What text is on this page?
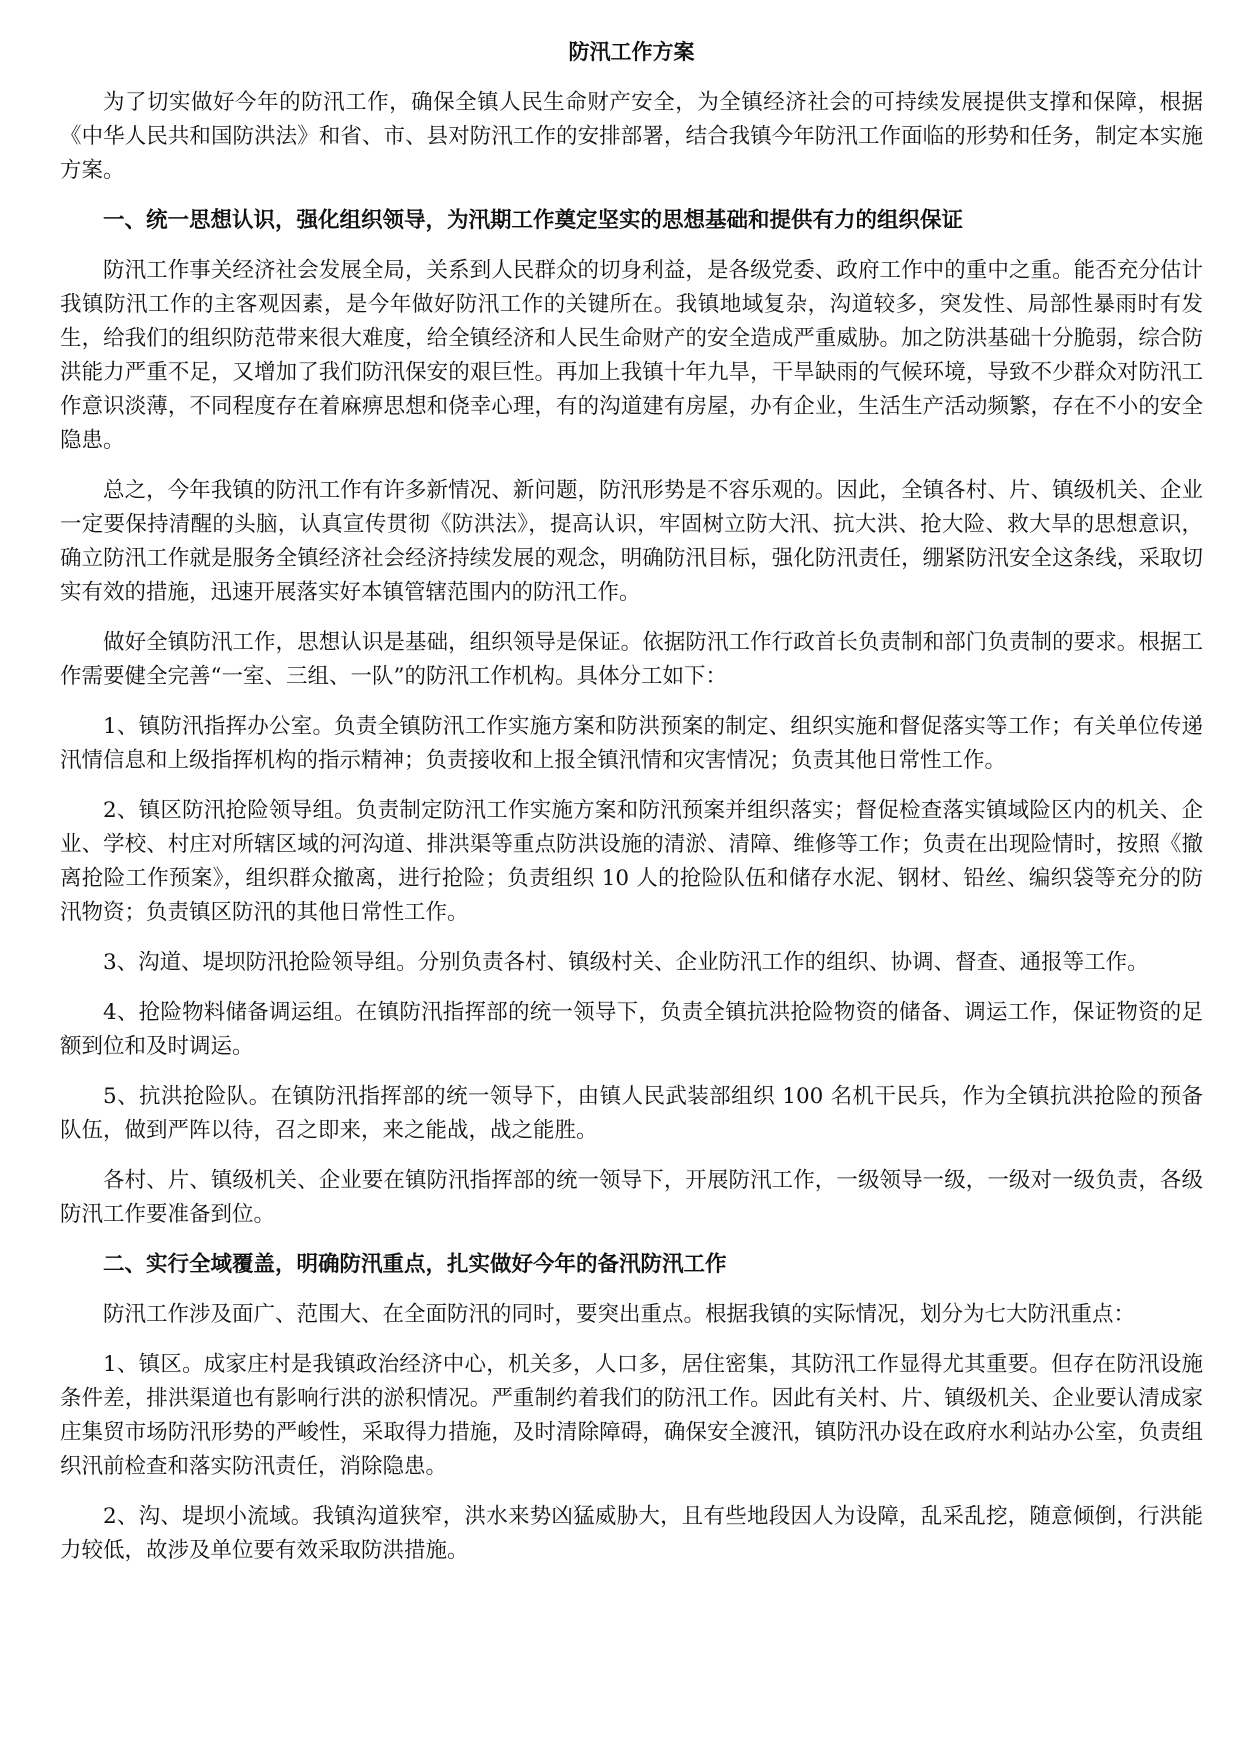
防汛工作方案

为了切实做好今年的防汛工作，确保全镇人民生命财产安全，为全镇经济社会的可持续发展提供支撑和保障，根据《中华人民共和国防洪法》和省、市、县对防汛工作的安排部署，结合我镇今年防汛工作面临的形势和任务，制定本实施方案。

一、统一思想认识，强化组织领导，为汛期工作奠定坚实的思想基础和提供有力的组织保证

防汛工作事关经济社会发展全局，关系到人民群众的切身利益，是各级党委、政府工作中的重中之重。能否充分估计我镇防汛工作的主客观因素，是今年做好防汛工作的关键所在。我镇地域复杂，沟道较多，突发性、局部性暴雨时有发生，给我们的组织防范带来很大难度，给全镇经济和人民生命财产的安全造成严重威胁。加之防洪基础十分脆弱，综合防洪能力严重不足，又增加了我们防汛保安的艰巨性。再加上我镇十年九旱，干旱缺雨的气候环境，导致不少群众对防汛工作意识淡薄，不同程度存在着麻痹思想和侥幸心理，有的沟道建有房屋，办有企业，生活生产活动频繁，存在不小的安全隐患。

总之，今年我镇的防汛工作有许多新情况、新问题，防汛形势是不容乐观的。因此，全镇各村、片、镇级机关、企业一定要保持清醒的头脑，认真宣传贯彻《防洪法》，提高认识，牢固树立防大汛、抗大洪、抢大险、救大旱的思想意识，确立防汛工作就是服务全镇经济社会经济持续发展的观念，明确防汛目标，强化防汛责任，绷紧防汛安全这条线，采取切实有效的措施，迅速开展落实好本镇管辖范围内的防汛工作。

做好全镇防汛工作，思想认识是基础，组织领导是保证。依据防汛工作行政首长负责制和部门负责制的要求。根据工作需要健全完善“一室、三组、一队”的防汛工作机构。具体分工如下：

1、镇防汛指挥办公室。负责全镇防汛工作实施方案和防洪预案的制定、组织实施和督促落实等工作；有关单位传递汛情信息和上级指挥机构的指示精神；负责接收和上报全镇汛情和灾害情况；负责其他日常性工作。

2、镇区防汛抢险领导组。负责制定防汛工作实施方案和防汛预案并组织落实；督促检查落实镇域险区内的机关、企业、学校、村庄对所辖区域的河沟道、排洪渠等重点防洪设施的清淤、清障、维修等工作；负责在出现险情时，按照《撤离抢险工作预案》，组织群众撤离，进行抢险；负责组织 10 人的抢险队伍和储存水泥、钢材、铅丝、编织袋等充分的防汛物资；负责镇区防汛的其他日常性工作。

3、沟道、堤坝防汛抢险领导组。分别负责各村、镇级村关、企业防汛工作的组织、协调、督查、通报等工作。

4、抢险物料储备调运组。在镇防汛指挥部的统一领导下，负责全镇抗洪抢险物资的储备、调运工作，保证物资的足额到位和及时调运。

5、抗洪抢险队。在镇防汛指挥部的统一领导下，由镇人民武装部组织 100 名机干民兵，作为全镇抗洪抢险的预备队伍，做到严阵以待，召之即来，来之能战，战之能胜。

各村、片、镇级机关、企业要在镇防汛指挥部的统一领导下，开展防汛工作，一级领导一级，一级对一级负责，各级防汛工作要准备到位。

二、实行全域覆盖，明确防汛重点，扎实做好今年的备汛防汛工作

防汛工作涉及面广、范围大、在全面防汛的同时，要突出重点。根据我镇的实际情况，划分为七大防汛重点：

1、镇区。成家庄村是我镇政治经济中心，机关多，人口多，居住密集，其防汛工作显得尤其重要。但存在防汛设施条件差，排洪渠道也有影响行洪的淤积情况。严重制约着我们的防汛工作。因此有关村、片、镇级机关、企业要认清成家庄集贸市场防汛形势的严峻性，采取得力措施，及时清除障碍，确保安全渡汛，镇防汛办设在政府水利站办公室，负责组织汛前检查和落实防汛责任，消除隐患。

2、沟、堤坝小流域。我镇沟道狭窄，洪水来势凶猛威胁大，且有些地段因人为设障，乱采乱挖，随意倾倒，行洪能力较低，故涉及单位要有效采取防洪措施。
